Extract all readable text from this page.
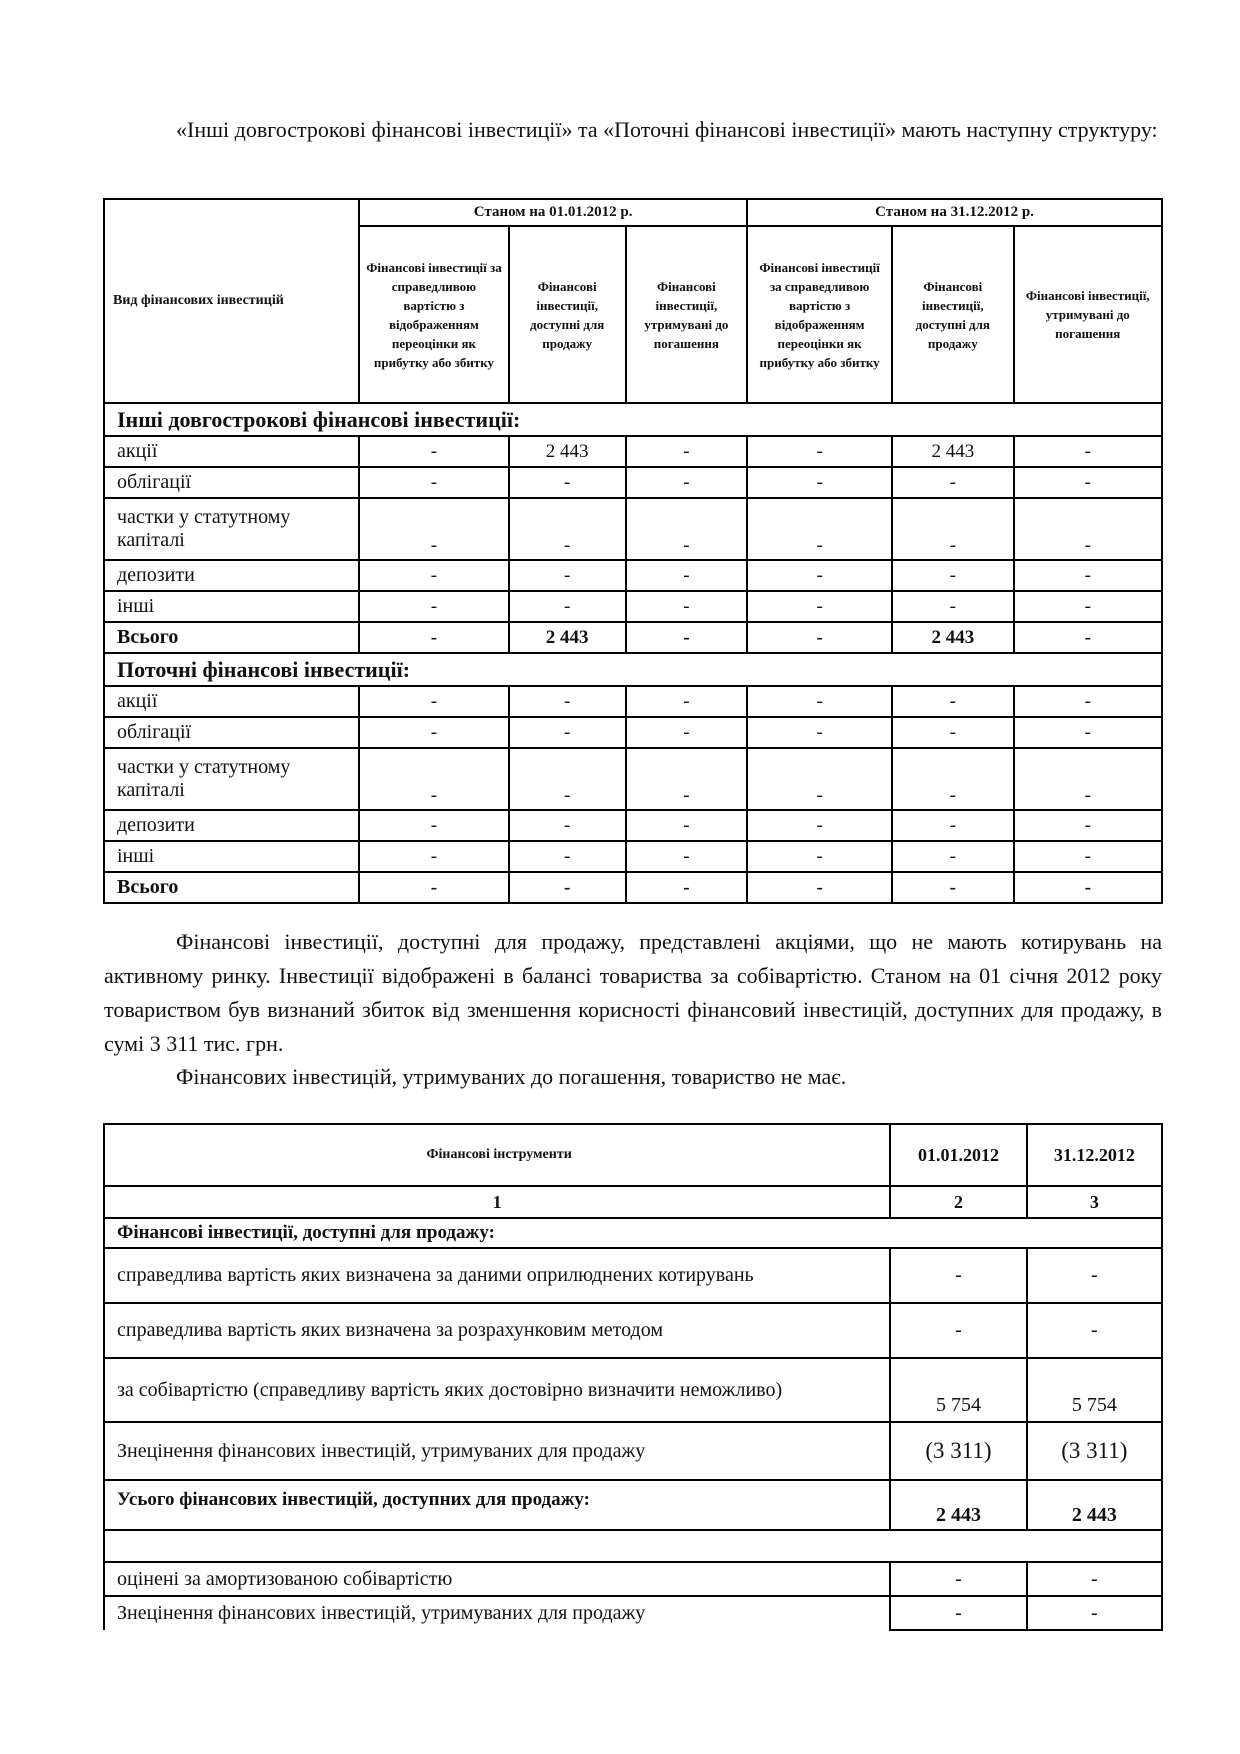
«Інші довгострокові фінансові інвестиції» та «Поточні фінансові інвестиції» мають наступну структуру:

Вид фінансових інвестицій	Станом на 01.01.2012 р.			Станом на 31.12.2012 р.		
	Фінансові інвестиції за справедливою вартістю з відображенням переоцінки як прибутку або збитку	Фінансові інвестиції, доступні для продажу	Фінансові інвестиції, утримувані до погашення	Фінансові інвестиції за справедливою вартістю з відображенням переоцінки як прибутку або збитку	Фінансові інвестиції, доступні для продажу	Фінансові інвестиції, утримувані до погашення
Інші довгострокові фінансові інвестиції:						
акції	-	2 443	-	-	2 443	-
облігації	-	-	-	-	-	-
частки у статутному капіталі	-	-	-	-	-	-
депозити	-	-	-	-	-	-
інші	-	-	-	-	-	-
Всього	-	2 443	-	-	2 443	-
Поточні фінансові інвестиції:						
акції	-	-	-	-	-	-
облігації	-	-	-	-	-	-
частки у статутному капіталі	-	-	-	-	-	-
депозити	-	-	-	-	-	-
інші	-	-	-	-	-	-
Всього	-	-	-	-	-	-

Фінансові інвестиції, доступні для продажу, представлені акціями, що не мають котирувань на активному ринку. Інвестиції відображені в балансі товариства за собівартістю. Станом на 01 січня 2012 року товариством був визнаний збиток від зменшення корисності фінансовий інвестицій, доступних для продажу, в сумі 3 311 тис. грн.

Фінансових інвестицій, утримуваних до погашення, товариство не має.

Фінансові інструменти	01.01.2012	31.12.2012
1	2	3
Фінансові інвестиції, доступні для продажу:		
справедлива вартість яких визначена за даними оприлюднених котирувань	-	-
справедлива вартість яких визначена за розрахунковим методом	-	-
за собівартістю (справедливу вартість яких достовірно визначити неможливо)	5 754	5 754
Знецінення фінансових інвестицій, утримуваних для продажу	(3 311)	(3 311)
Усього фінансових інвестицій, доступних для продажу:	2 443	2 443

оцінені за амортизованою собівартістю	-	-
Знецінення фінансових інвестицій, утримуваних для продажу	-	-
